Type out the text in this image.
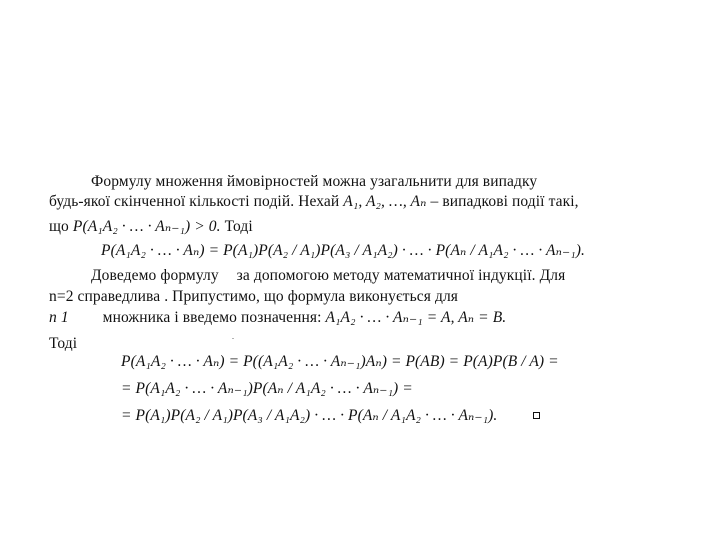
Формулу множення ймовірностей можна узагальнити для випадку
будь-якої скінченної кількості подій. Нехай A₁, A₂, …, Aₙ – випадкові події такі,
що P(A₁A₂ · … · Aₙ₋₁) > 0. Тоді
P(A₁A₂ · … · Aₙ) = P(A₁)P(A₂ / A₁)P(A₃ / A₁A₂) · … · P(Aₙ / A₁A₂ · … · Aₙ₋₁).
Доведемо формулу за допомогою методу математичної індукції. Для
n=2 справедлива . Припустимо, що формула виконується для
n 1 множника і введемо позначення: A₁A₂ · … · Aₙ₋₁ = A, Aₙ = B.
.
Тоді
P(A₁A₂ · … · Aₙ) = P((A₁A₂ · … · Aₙ₋₁)Aₙ) = P(AB) = P(A)P(B / A) =
= P(A₁A₂ · … · Aₙ₋₁)P(Aₙ / A₁A₂ · … · Aₙ₋₁) =
= P(A₁)P(A₂ / A₁)P(A₃ / A₁A₂) · … · P(Aₙ / A₁A₂ · … · Aₙ₋₁).
